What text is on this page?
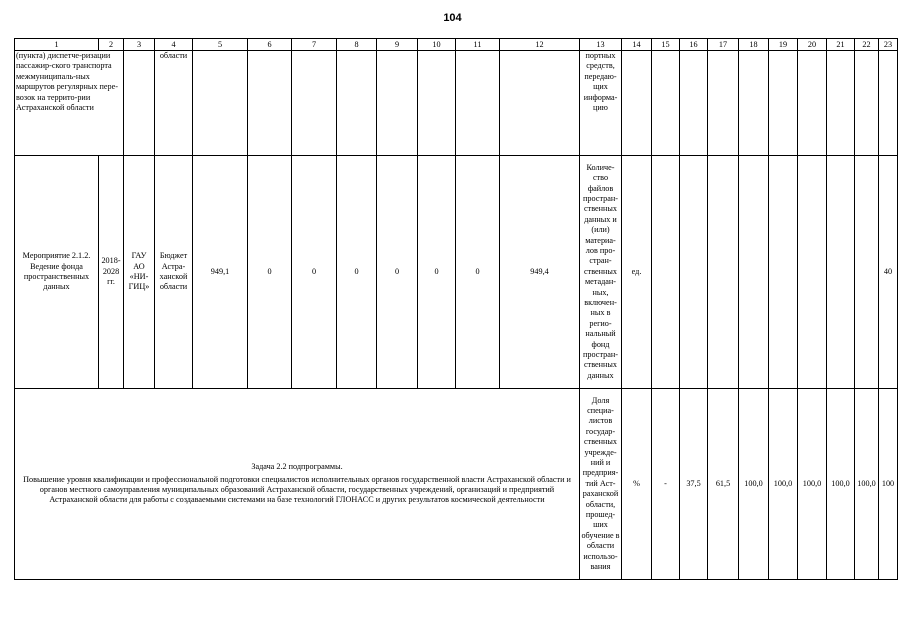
104
1	2	3	4	5	6	7	8	9	10	11	12	13	14	15	16	17	18	19	20	21	22	23
(пункта) диспетче-ризации пассажир-ского транспорта межмуниципаль-ных маршрутов регулярных пере-возок на террито-рии Астраханской области			области									портных средств, передаю-щих информа-цию										
Мероприятие 2.1.2. Ведение фонда пространственных данных	2018-2028 гг.	ГАУ АО «НИ-ГИЦ»	Бюджет Астра-ханской области	949,1	0	0	0	0	0	0	949,4	Количе-ство файлов простран-ственных данных и (или) материа-лов про-стран-ственных метадан-ных, включен-ных в регио-нальный фонд простран-ственных данных	ед.									40

Задача 2.2 подпрограммы.
Повышение уровня квалификации и профессиональной подготовки специалистов исполнительных органов государственной власти Астраханской области и органов местного самоуправления муниципальных образований Астраханской области, государственных учреждений, организаций и предприятий Астраханской области для работы с создаваемыми системами на базе технологий ГЛОНАСС и других результатов космической деятельности												Доля специа-листов государ-ственных учрежде-ний и предприя-тий Аст-раханской области, прошед-ших обучение в области использо-вания	%	-	37,5	61,5	100,0	100,0	100,0	100,0	100,0	100
